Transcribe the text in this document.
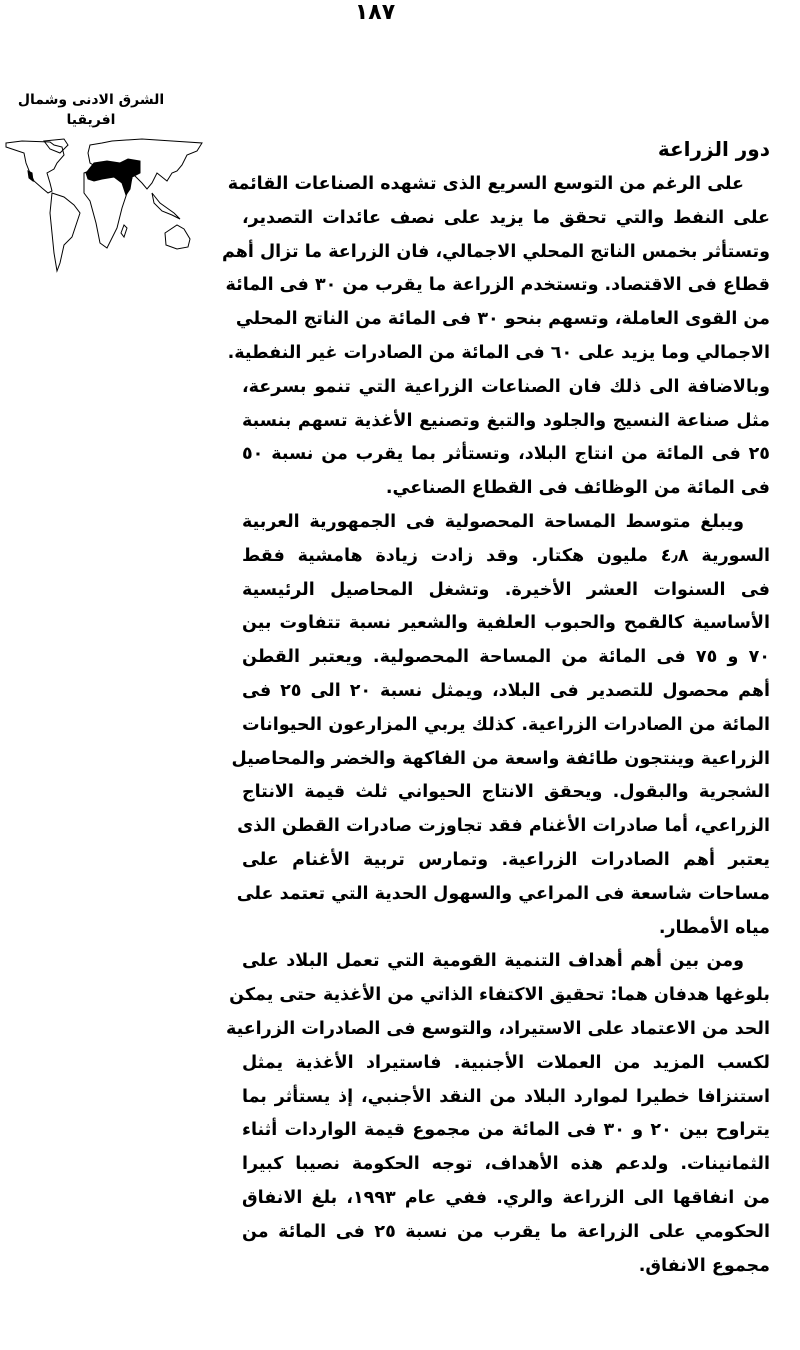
١٨٧
الشرق الادنى وشمال
افريقيا
دور الزراعة
على الرغم من التوسع السريع الذى تشهده الصناعات القائمة
على النفط والتي تحقق ما يزيد على نصف عائدات التصدير،
وتستأثر بخمس الناتج المحلي الاجمالي، فان الزراعة ما تزال أهم
قطاع فى الاقتصاد. وتستخدم الزراعة ما يقرب من ٣٠ فى المائة
من القوى العاملة، وتسهم بنحو ٣٠ فى المائة من الناتج المحلي
الاجمالي وما يزيد على ٦٠ فى المائة من الصادرات غير النفطية.
وبالاضافة الى ذلك فان الصناعات الزراعية التي تنمو بسرعة،
مثل صناعة النسيج والجلود والتبغ وتصنيع الأغذية تسهم بنسبة
٢٥ فى المائة من انتاج البلاد، وتستأثر بما يقرب من نسبة ٥٠
فى المائة من الوظائف فى القطاع الصناعي.
ويبلغ متوسط المساحة المحصولية فى الجمهورية العربية
السورية ٤٫٨ مليون هكتار. وقد زادت زيادة هامشية فقط
فى السنوات العشر الأخيرة. وتشغل المحاصيل الرئيسية
الأساسية كالقمح والحبوب العلفية والشعير نسبة تتفاوت بين
٧٠ و ٧٥ فى المائة من المساحة المحصولية. ويعتبر القطن
أهم محصول للتصدير فى البلاد، ويمثل نسبة ٢٠ الى ٢٥ فى
المائة من الصادرات الزراعية. كذلك يربي المزارعون الحيوانات
الزراعية وينتجون طائفة واسعة من الفاكهة والخضر والمحاصيل
الشجرية والبقول. ويحقق الانتاج الحيواني ثلث قيمة الانتاج
الزراعي، أما صادرات الأغنام فقد تجاوزت صادرات القطن الذى
يعتبر أهم الصادرات الزراعية. وتمارس تربية الأغنام على
مساحات شاسعة فى المراعي والسهول الحدية التي تعتمد على
مياه الأمطار.
ومن بين أهم أهداف التنمية القومية التي تعمل البلاد على
بلوغها هدفان هما: تحقيق الاكتفاء الذاتي من الأغذية حتى يمكن
الحد من الاعتماد على الاستيراد، والتوسع فى الصادرات الزراعية
لكسب المزيد من العملات الأجنبية. فاستيراد الأغذية يمثل
استنزافا خطيرا لموارد البلاد من النقد الأجنبي، إذ يستأثر بما
يتراوح بين ٢٠ و ٣٠ فى المائة من مجموع قيمة الواردات أثناء
الثمانينات. ولدعم هذه الأهداف، توجه الحكومة نصيبا كبيرا
من انفاقها الى الزراعة والري. ففي عام ١٩٩٣، بلغ الانفاق
الحكومي على الزراعة ما يقرب من نسبة ٢٥ فى المائة من
مجموع الانفاق.
